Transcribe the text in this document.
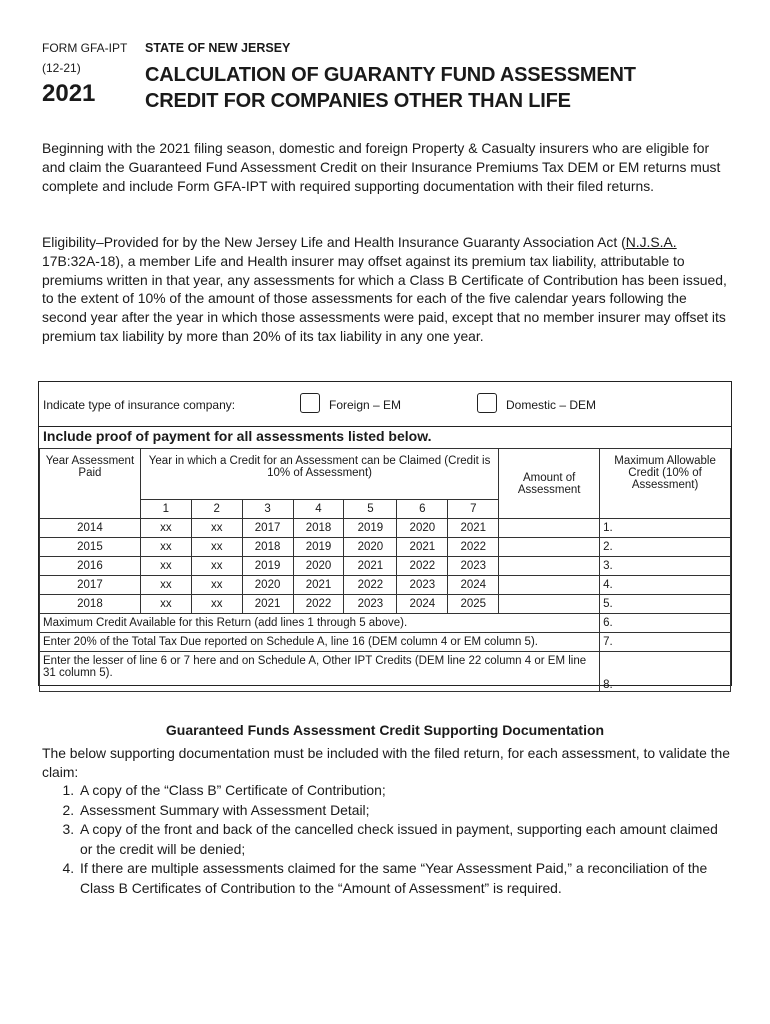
FORM GFA-IPT
(12-21)
2021
STATE OF NEW JERSEY
CALCULATION OF GUARANTY FUND ASSESSMENT
CREDIT FOR COMPANIES OTHER THAN LIFE
Beginning with the 2021 filing season, domestic and foreign Property & Casualty insurers who are eligible for and claim the Guaranteed Fund Assessment Credit on their Insurance Premiums Tax DEM or EM returns must complete and include Form GFA-IPT with required supporting documentation with their filed returns.
Eligibility–Provided for by the New Jersey Life and Health Insurance Guaranty Association Act (N.J.S.A. 17B:32A-18), a member Life and Health insurer may offset against its premium tax liability, attributable to premiums written in that year, any assessments for which a Class B Certificate of Contribution has been issued, to the extent of 10% of the amount of those assessments for each of the five calendar years following the second year after the year in which those assessments were paid, except that no member insurer may offset its premium tax liability by more than 20% of its tax liability in any one year.
Indicate type of insurance company:	Foreign – EM	Domestic – DEM
Include proof of payment for all assessments listed below.
Year Assessment Paid	Year in which a Credit for an Assessment can be Claimed (Credit is 10% of Assessment)							Amount of Assessment	Maximum Allowable Credit (10% of Assessment)
	1	2	3	4	5	6	7		
2014	xx	xx	2017	2018	2019	2020	2021		1.
2015	xx	xx	2018	2019	2020	2021	2022		2.
2016	xx	xx	2019	2020	2021	2022	2023		3.
2017	xx	xx	2020	2021	2022	2023	2024		4.
2018	xx	xx	2021	2022	2023	2024	2025		5.
Maximum Credit Available for this Return (add lines 1 through 5 above).									6.
Enter 20% of the Total Tax Due reported on Schedule A, line 16 (DEM column 4 or EM column 5).									7.
Enter the lesser of line 6 or 7 here and on Schedule A, Other IPT Credits (DEM line 22 column 4 or EM line 31 column 5).									8.
Guaranteed Funds Assessment Credit Supporting Documentation
The below supporting documentation must be included with the filed return, for each assessment, to validate the claim:
1. A copy of the “Class B” Certificate of Contribution;
2. Assessment Summary with Assessment Detail;
3. A copy of the front and back of the cancelled check issued in payment, supporting each amount claimed or the credit will be denied;
4. If there are multiple assessments claimed for the same “Year Assessment Paid,” a reconciliation of the Class B Certificates of Contribution to the “Amount of Assessment” is required.
